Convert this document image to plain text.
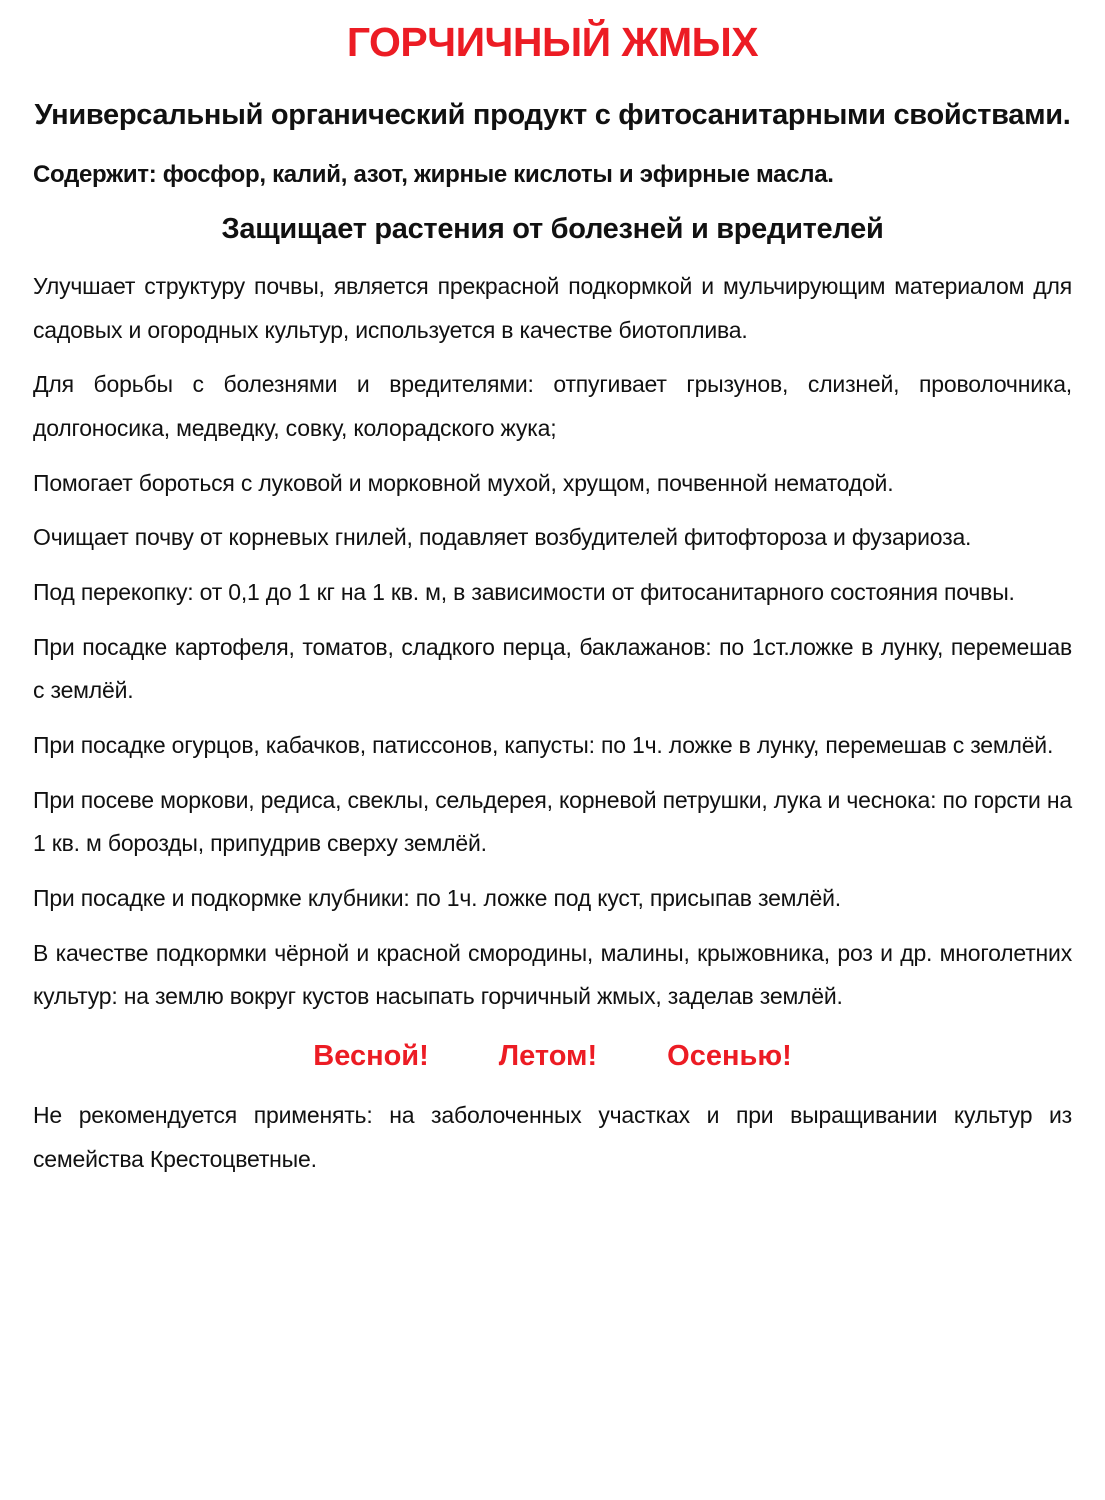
ГОРЧИЧНЫЙ ЖМЫХ
Универсальный органический продукт с фитосанитарными свойствами.

Содержит: фосфор, калий, азот, жирные кислоты и эфирные масла.

Защищает растения от болезней и вредителей

Улучшает структуру почвы, является прекрасной подкормкой и мульчирующим материалом для садовых и огородных культур, используется в качестве биотоплива.

Для борьбы с болезнями и вредителями: отпугивает грызунов, слизней, проволочника, долгоносика, медведку, совку, колорадского жука;

Помогает бороться с луковой и морковной мухой, хрущом, почвенной нематодой.

Очищает почву от корневых гнилей, подавляет возбудителей фитофтороза и фузариоза.

Под перекопку: от 0,1 до 1 кг на 1 кв. м, в зависимости от фитосанитарного состояния почвы.

При посадке картофеля, томатов, сладкого перца, баклажанов: по 1ст.ложке в лунку, перемешав с землёй.

При посадке огурцов, кабачков, патиссонов, капусты: по 1ч. ложке в лунку, перемешав с землёй.

При посеве моркови, редиса, свеклы, сельдерея, корневой петрушки, лука и чеснока: по горсти на 1 кв. м борозды, припудрив сверху землёй.

При посадке и подкормке клубники: по 1ч. ложке под куст, присыпав землёй.

В качестве подкормки чёрной и красной смородины, малины, крыжовника, роз и др. многолетних культур: на землю вокруг кустов насыпать горчичный жмых, заделав землёй.

Весной! Летом! Осенью!

Не рекомендуется применять: на заболоченных участках и при выращивании культур из семейства Крестоцветные.
